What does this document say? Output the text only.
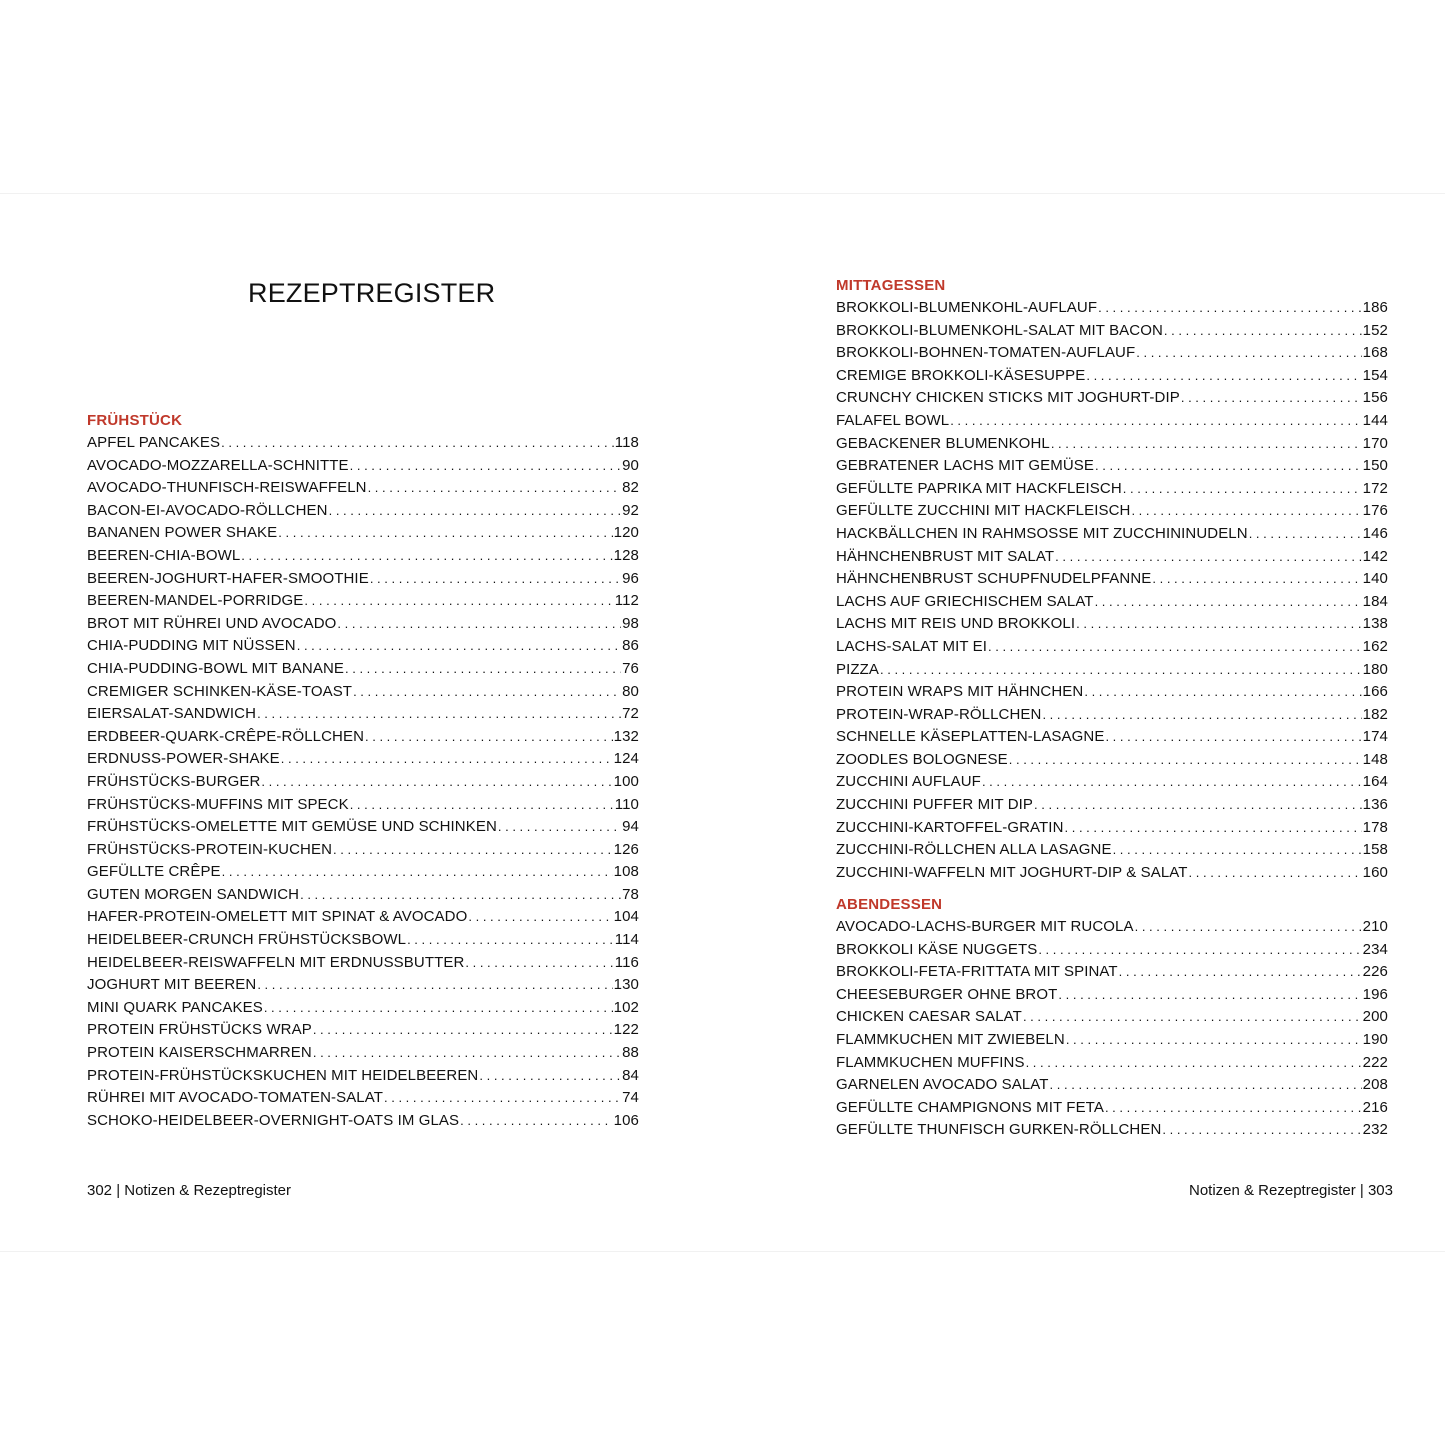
REZEPTREGISTER
FRÜHSTÜCK
APFEL PANCAKES . . .	118
AVOCADO-MOZZARELLA-SCHNITTE . . .	90
AVOCADO-THUNFISCH-REISWAFFELN . . .	82
BACON-EI-AVOCADO-RÖLLCHEN . . .	92
BANANEN POWER SHAKE . . .	120
BEEREN-CHIA-BOWL . . .	128
BEEREN-JOGHURT-HAFER-SMOOTHIE . . .	96
BEEREN-MANDEL-PORRIDGE . . .	112
BROT MIT RÜHREI UND AVOCADO . . .	98
CHIA-PUDDING MIT NÜSSEN . . .	86
CHIA-PUDDING-BOWL MIT BANANE . . .	76
CREMIGER SCHINKEN-KÄSE-TOAST . . .	80
EIERSALAT-SANDWICH . . .	72
ERDBEER-QUARK-CRÊPE-RÖLLCHEN . . .	132
ERDNUSS-POWER-SHAKE . . .	124
FRÜHSTÜCKS-BURGER . . .	100
FRÜHSTÜCKS-MUFFINS MIT SPECK . . .	110
FRÜHSTÜCKS-OMELETTE MIT GEMÜSE UND SCHINKEN . . .	94
FRÜHSTÜCKS-PROTEIN-KUCHEN . . .	126
GEFÜLLTE CRÊPE . . .	108
GUTEN MORGEN SANDWICH . . .	78
HAFER-PROTEIN-OMELETT MIT SPINAT & AVOCADO . . .	104
HEIDELBEER-CRUNCH FRÜHSTÜCKSBOWL . . .	114
HEIDELBEER-REISWAFFELN MIT ERDNUSSBUTTER . . .	116
JOGHURT MIT BEEREN . . .	130
MINI QUARK PANCAKES . . .	102
PROTEIN FRÜHSTÜCKS WRAP . . .	122
PROTEIN KAISERSCHMARREN . . .	88
PROTEIN-FRÜHSTÜCKSKUCHEN MIT HEIDELBEEREN . . .	84
RÜHREI MIT AVOCADO-TOMATEN-SALAT . . .	74
SCHOKO-HEIDELBEER-OVERNIGHT-OATS IM GLAS . . .	106
MITTAGESSEN
BROKKOLI-BLUMENKOHL-AUFLAUF . . .	186
BROKKOLI-BLUMENKOHL-SALAT MIT BACON . . .	152
BROKKOLI-BOHNEN-TOMATEN-AUFLAUF . . .	168
CREMIGE BROKKOLI-KÄSESUPPE . . .	154
CRUNCHY CHICKEN STICKS MIT JOGHURT-DIP . . .	156
FALAFEL BOWL . . .	144
GEBACKENER BLUMENKOHL . . .	170
GEBRATENER LACHS MIT GEMÜSE . . .	150
GEFÜLLTE PAPRIKA MIT HACKFLEISCH . . .	172
GEFÜLLTE ZUCCHINI MIT HACKFLEISCH . . .	176
HACKBÄLLCHEN IN RAHMSOSSE MIT ZUCCHININUDELN . . .	146
HÄHNCHENBRUST MIT SALAT . . .	142
HÄHNCHENBRUST SCHUPFNUDELPFANNE . . .	140
LACHS AUF GRIECHISCHEM SALAT . . .	184
LACHS MIT REIS UND BROKKOLI . . .	138
LACHS-SALAT MIT EI . . .	162
PIZZA . . .	180
PROTEIN WRAPS MIT HÄHNCHEN . . .	166
PROTEIN-WRAP-RÖLLCHEN . . .	182
SCHNELLE KÄSEPLATTEN-LASAGNE . . .	174
ZOODLES BOLOGNESE . . .	148
ZUCCHINI AUFLAUF . . .	164
ZUCCHINI PUFFER MIT DIP . . .	136
ZUCCHINI-KARTOFFEL-GRATIN . . .	178
ZUCCHINI-RÖLLCHEN ALLA LASAGNE . . .	158
ZUCCHINI-WAFFELN MIT JOGHURT-DIP & SALAT . . .	160
ABENDESSEN
AVOCADO-LACHS-BURGER MIT RUCOLA . . .	210
BROKKOLI KÄSE NUGGETS . . .	234
BROKKOLI-FETA-FRITTATA MIT SPINAT . . .	226
CHEESEBURGER OHNE BROT . . .	196
CHICKEN CAESAR SALAT . . .	200
FLAMMKUCHEN MIT ZWIEBELN . . .	190
FLAMMKUCHEN MUFFINS . . .	222
GARNELEN AVOCADO SALAT . . .	208
GEFÜLLTE CHAMPIGNONS MIT FETA . . .	216
GEFÜLLTE THUNFISCH GURKEN-RÖLLCHEN . . .	232
302 | Notizen & Rezeptregister	Notizen & Rezeptregister | 303
